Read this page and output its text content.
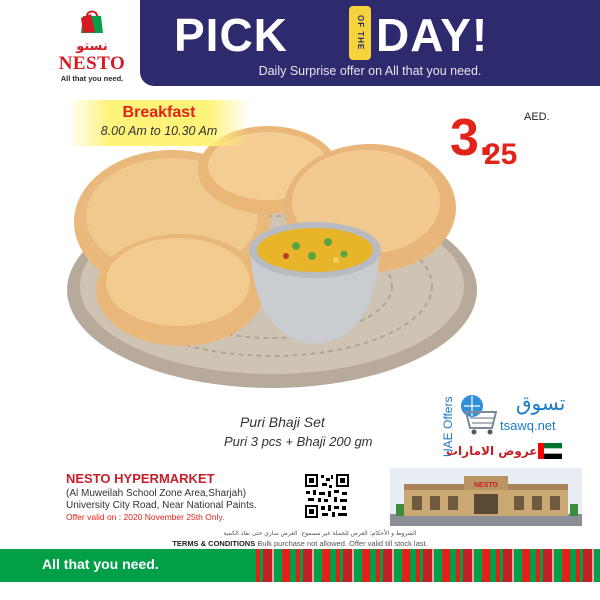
نستو
NESTO
All that you need.
PICK	OF THE DAY!
Daily Surprise offer on All that you need.
Breakfast
8.00 Am to 10.30 Am
AED.
3.
25
Puri Bhaji Set
Puri 3 pcs + Bhaji 200 gm	UAE Offers	تسوق
tsawq.net
عروض الامارات
NESTO HYPERMARKET
(Al Muweilah School Zone Area,Sharjah)
University City Road, Near National Paints.
Offer valid on : 2020 November 25th Only.
NESTO
الشروط و الأحكام: العرض للجملة غير مسموح. العرض ساري حتى نفاذ الكمية
TERMS & CONDITIONS Bulk purchase not allowed. Offer valid till stock last.
All that you need.
